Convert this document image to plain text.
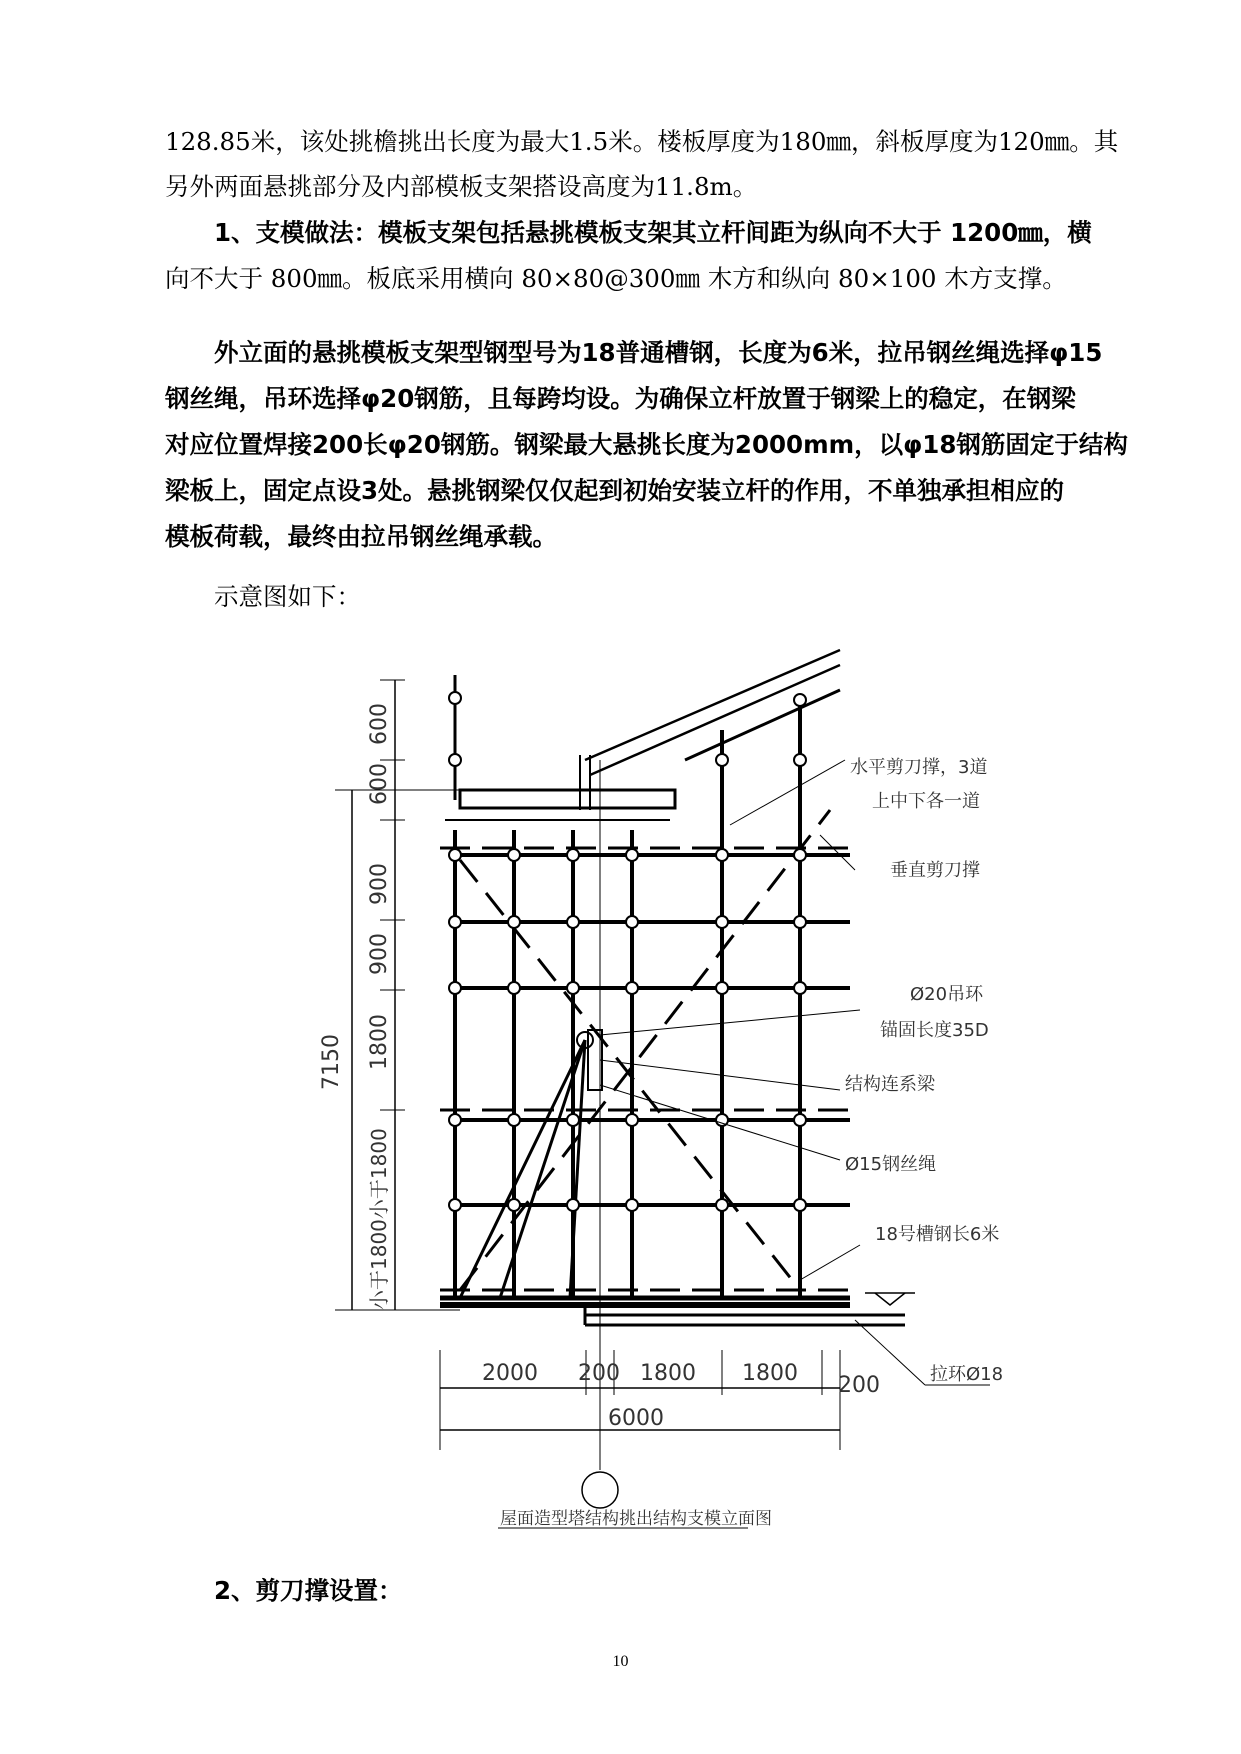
128.85米，该处挑檐挑出长度为最大1.5米。楼板厚度为180㎜，斜板厚度为120㎜。其
另外两面悬挑部分及内部模板支架搭设高度为11.8m。
1、支模做法：模板支架包括悬挑模板支架其立杆间距为纵向不大于 1200㎜，横
向不大于 800㎜。板底采用横向 80×80@300㎜ 木方和纵向 80×100 木方支撑。
外立面的悬挑模板支架型钢型号为18普通槽钢，长度为6米，拉吊钢丝绳选择φ15
钢丝绳，吊环选择φ20钢筋，且每跨均设。为确保立杆放置于钢梁上的稳定，在钢梁
对应位置焊接200长φ20钢筋。钢梁最大悬挑长度为2000mm，以φ18钢筋固定于结构
梁板上，固定点设3处。悬挑钢梁仅仅起到初始安装立杆的作用，不单独承担相应的
模板荷载，最终由拉吊钢丝绳承载。
示意图如下：
600
600
900
900
1800
小于1800小于1800
7150
2000 200 1800 1800 200
6000
水平剪刀撑，3道
上中下各一道
垂直剪刀撑
Ø20吊环
锚固长度35D
结构连系梁
Ø15钢丝绳
18号槽钢长6米
拉环Ø18
屋面造型塔结构挑出结构支模立面图
2、剪刀撑设置：
10
